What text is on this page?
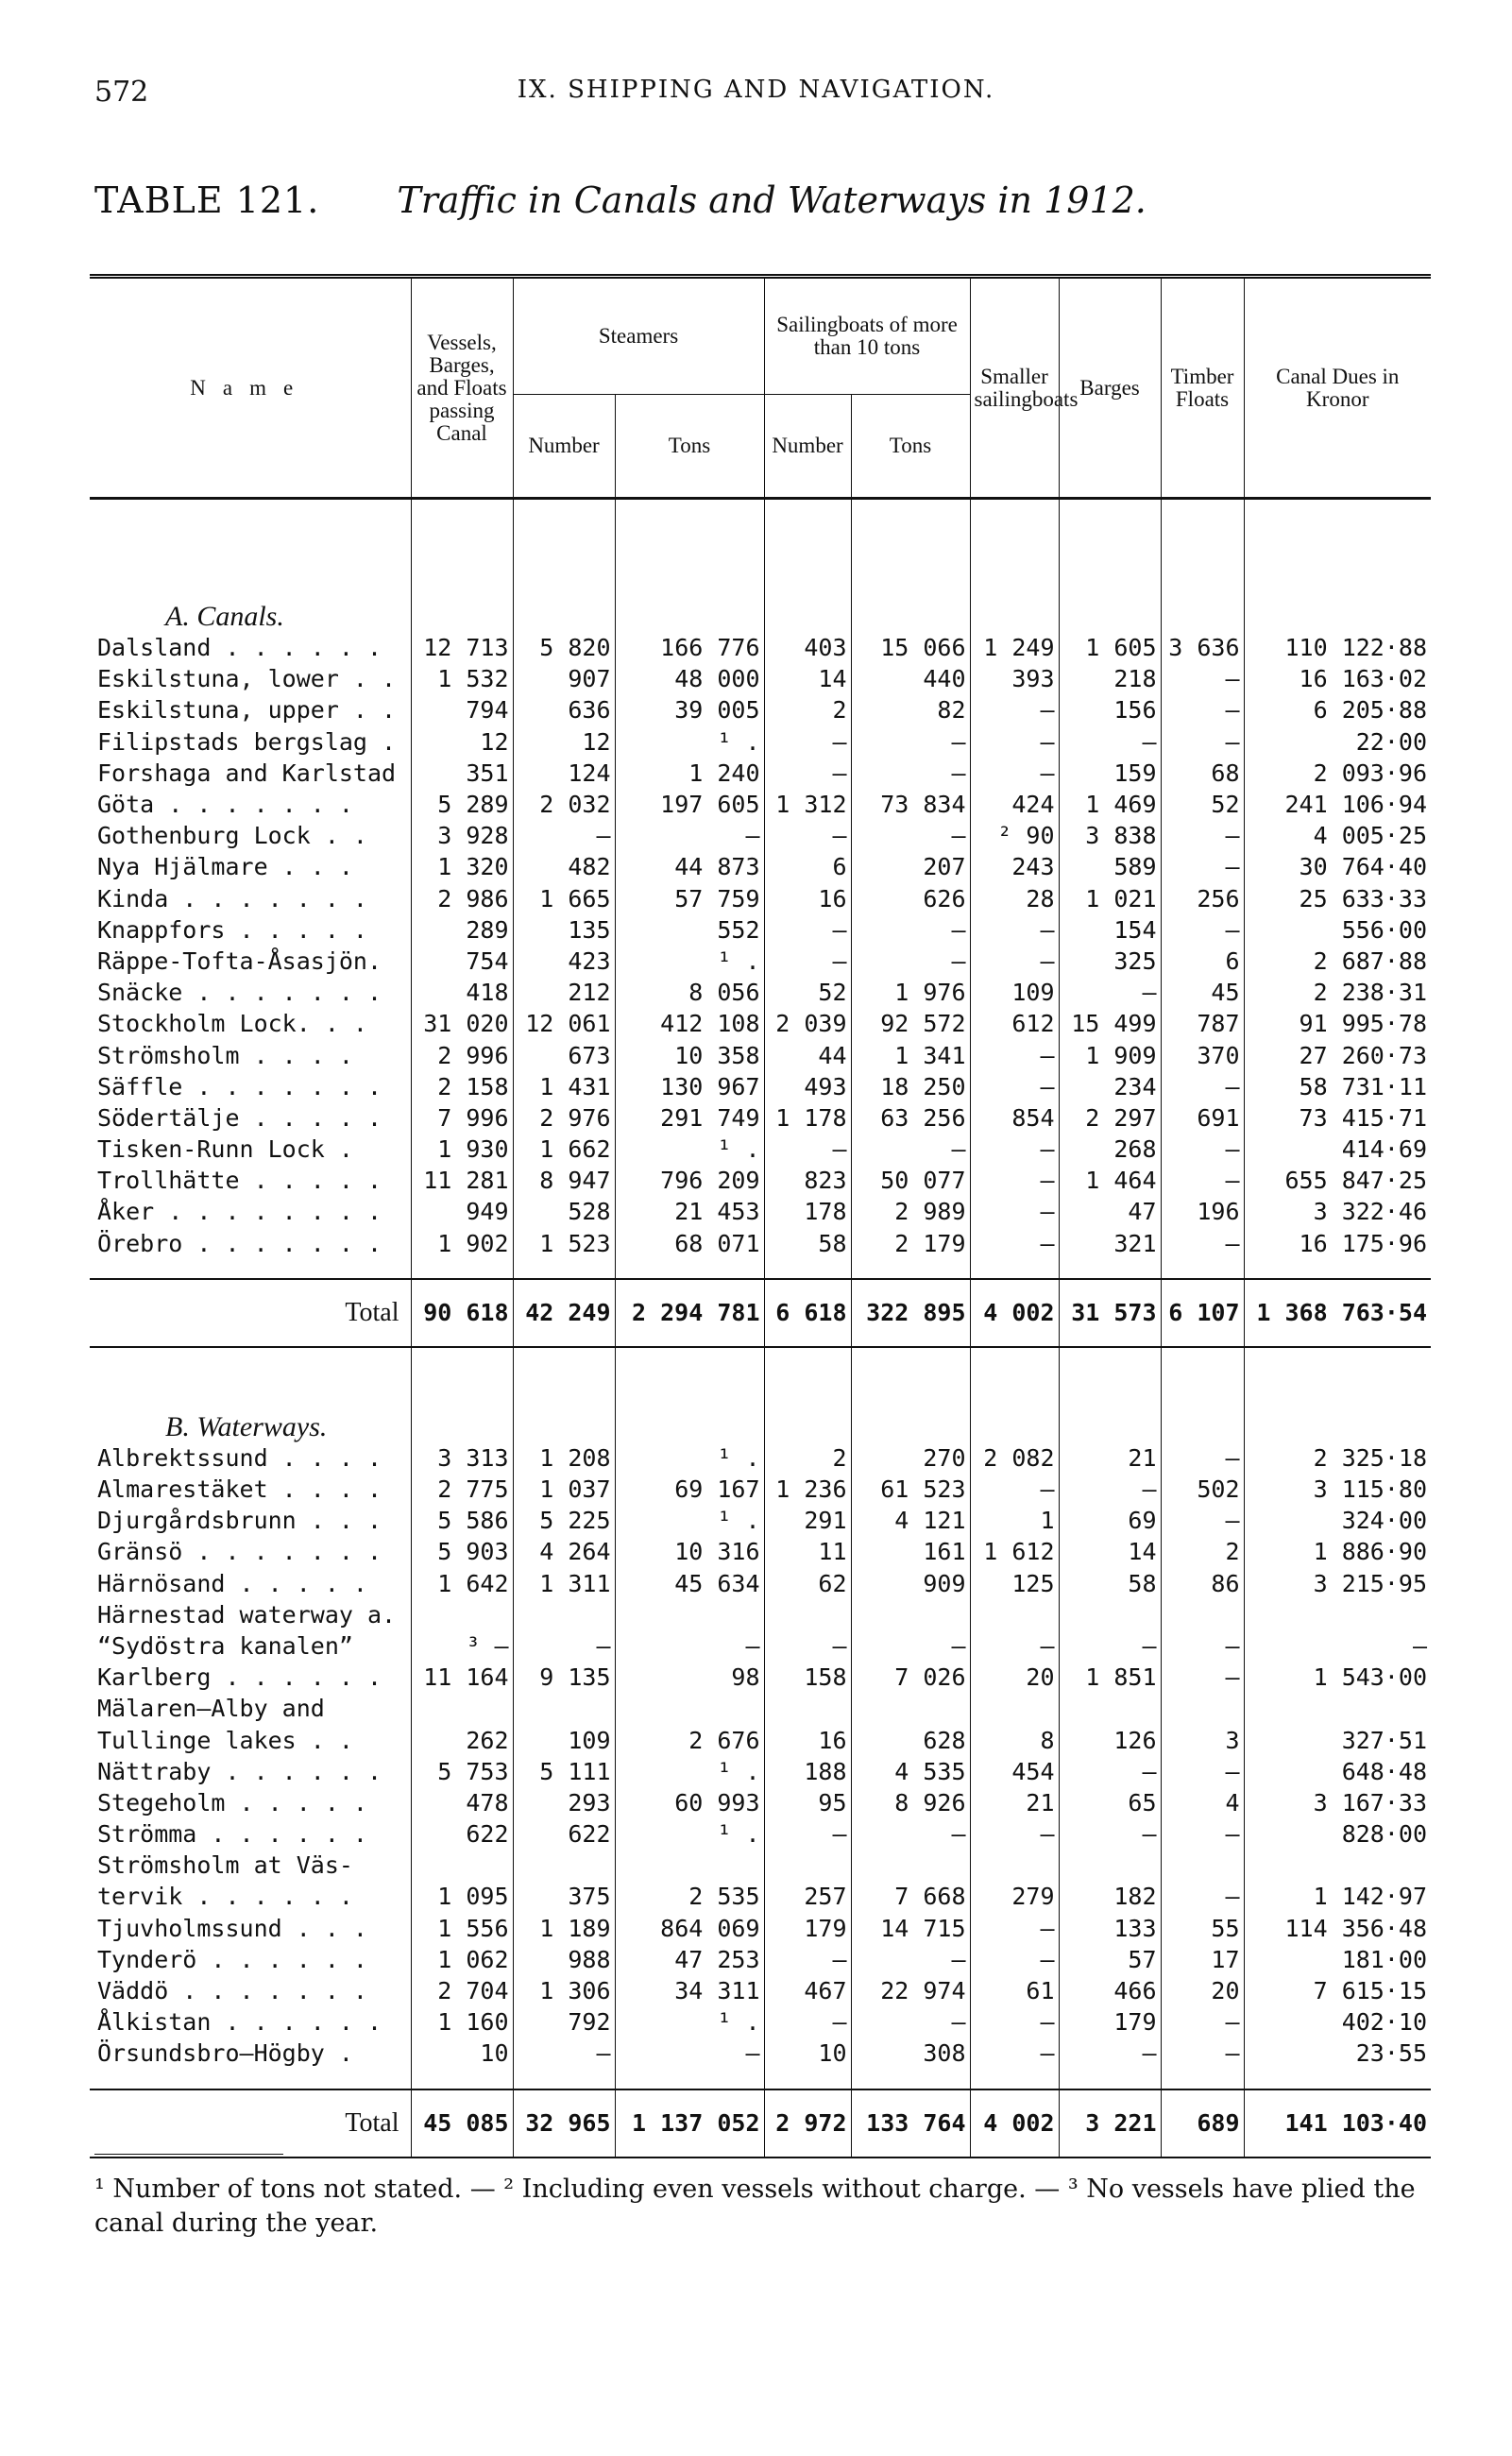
572	IX. SHIPPING AND NAVIGATION.
TABLE 121. Traffic in Canals and Waterways in 1912.
Name	Vessels, Barges, and Floats passing Canal	Steamers		Sailingboats of more than 10 tons		Smaller sailingboats	Barges	Timber Floats	Canal Dues in Kronor
		Number	Tons	Number	Tons				

A. Canals.									
Dalsland . . . . . .	12 713	5 820	166 776	403	15 066	1 249	1 605	3 636	110 122·88
Eskilstuna, lower . .	1 532	907	48 000	14	440	393	218	—	16 163·02
Eskilstuna, upper . .	794	636	39 005	2	82	—	156	—	6 205·88
Filipstads bergslag .	12	12	¹ .	—	—	—	—	—	22·00
Forshaga and Karlstad	351	124	1 240	—	—	—	159	68	2 093·96
Göta . . . . . . .	5 289	2 032	197 605	1 312	73 834	424	1 469	52	241 106·94
Gothenburg Lock . .	3 928	—	—	—	—	² 90	3 838	—	4 005·25
Nya Hjälmare . . .	1 320	482	44 873	6	207	243	589	—	30 764·40
Kinda . . . . . . .	2 986	1 665	57 759	16	626	28	1 021	256	25 633·33
Knappfors . . . . .	289	135	552	—	—	—	154	—	556·00
Räppe-Tofta-Åsasjön.	754	423	¹ .	—	—	—	325	6	2 687·88
Snäcke . . . . . . .	418	212	8 056	52	1 976	109	—	45	2 238·31
Stockholm Lock. . .	31 020	12 061	412 108	2 039	92 572	612	15 499	787	91 995·78
Strömsholm . . . .	2 996	673	10 358	44	1 341	—	1 909	370	27 260·73
Säffle . . . . . . .	2 158	1 431	130 967	493	18 250	—	234	—	58 731·11
Södertälje . . . . .	7 996	2 976	291 749	1 178	63 256	854	2 297	691	73 415·71
Tisken-Runn Lock .	1 930	1 662	¹ .	—	—	—	268	—	414·69
Trollhätte . . . . .	11 281	8 947	796 209	823	50 077	—	1 464	—	655 847·25
Åker . . . . . . . .	949	528	21 453	178	2 989	—	47	196	3 322·46
Örebro . . . . . . .	1 902	1 523	68 071	58	2 179	—	321	—	16 175·96

Total	90 618	42 249	2 294 781	6 618	322 895	4 002	31 573	6 107	1 368 763·54

B. Waterways.									
Albrektssund . . . .	3 313	1 208	¹ .	2	270	2 082	21	—	2 325·18
Almarestäket . . . .	2 775	1 037	69 167	1 236	61 523	—	—	502	3 115·80
Djurgårdsbrunn . . .	5 586	5 225	¹ .	291	4 121	1	69	—	324·00
Gränsö . . . . . . .	5 903	4 264	10 316	11	161	1 612	14	2	1 886·90
Härnösand . . . . .	1 642	1 311	45 634	62	909	125	58	86	3 215·95
Härnestad waterway a.									
“Sydöstra kanalen”	³ —	—	—	—	—	—	—	—	—
Karlberg . . . . . .	11 164	9 135	98	158	7 026	20	1 851	—	1 543·00
Mälaren—Alby and									
Tullinge lakes . .	262	109	2 676	16	628	8	126	3	327·51
Nättraby . . . . . .	5 753	5 111	¹ .	188	4 535	454	—	—	648·48
Stegeholm . . . . .	478	293	60 993	95	8 926	21	65	4	3 167·33
Strömma . . . . . .	622	622	¹ .	—	—	—	—	—	828·00
Strömsholm at Väs-									
tervik . . . . . .	1 095	375	2 535	257	7 668	279	182	—	1 142·97
Tjuvholmssund . . .	1 556	1 189	864 069	179	14 715	—	133	55	114 356·48
Tynderö . . . . . .	1 062	988	47 253	—	—	—	57	17	181·00
Väddö . . . . . . .	2 704	1 306	34 311	467	22 974	61	466	20	7 615·15
Ålkistan . . . . . .	1 160	792	¹ .	—	—	—	179	—	402·10
Örsundsbro—Högby .	10	—	—	10	308	—	—	—	23·55

Total	45 085	32 965	1 137 052	2 972	133 764	4 002	3 221	689	141 103·40
¹ Number of tons not stated. — ² Including even vessels without charge. — ³ No vessels have plied the canal during the year.
